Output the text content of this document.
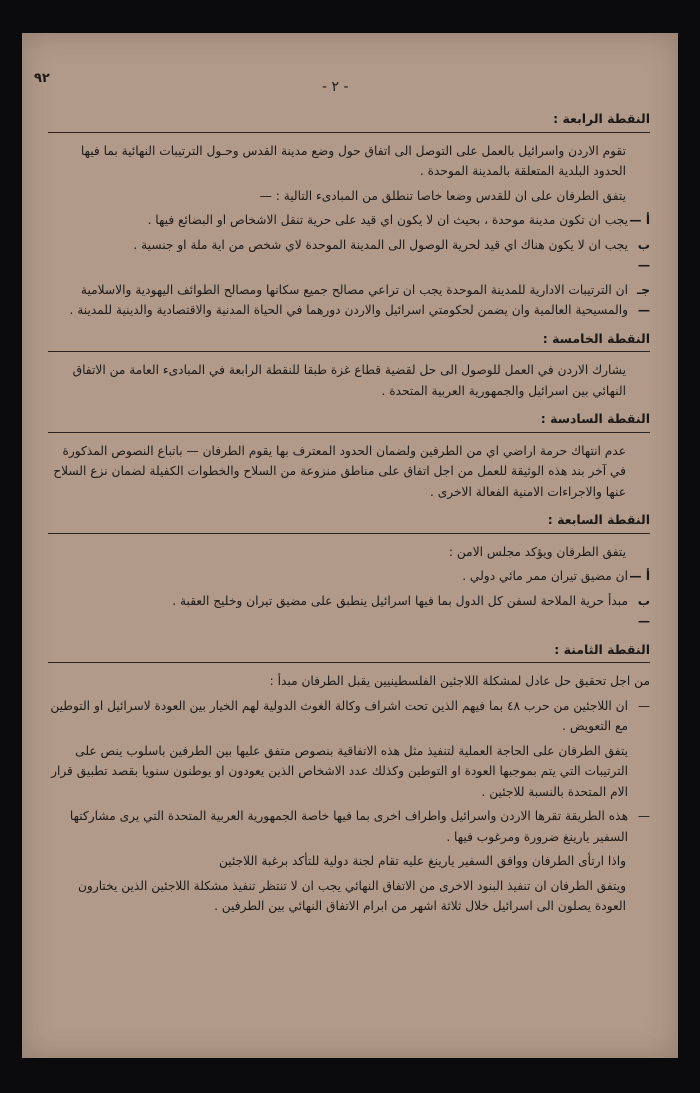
٩٢
- ٢ -
النقطة الرابعة :
تقوم الاردن واسرائيل بالعمل على التوصل الى اتفاق حول وضع مدينة القدس وحـول الترتيبات النهائية بما فيها الحدود البلدية المتعلقة بالمدينة الموحدة .
يتفق الطرفان على ان للقدس وضعا خاصا تنطلق من المبادىء التالية : —
أ —
يجب ان تكون مدينة موحدة ، بحيث ان لا يكون اي قيد على حرية تنقل الاشخاص او البضائع فيها .
ب —
يجب ان لا يكون هناك اي قيد لحرية الوصول الى المدينة الموحدة لاي شخص من اية ملة او جنسية .
جـ —
ان الترتيبات الادارية للمدينة الموحدة يجب ان تراعي مصالح جميع سكانها ومصالح الطوائف اليهودية والاسلامية والمسيحية العالمية وان يضمن لحكومتي اسرائيل والاردن دورهما في الحياة المدنية والاقتصادية والدينية للمدينة .
النقطة الخامسة :
يشارك الاردن في العمل للوصول الى حل لقضية قطاع غزة طبقا للنقطة الرابعة في المبادىء العامة من الاتفاق النهائي بين اسرائيل والجمهورية العربية المتحدة .
النقطة السادسة :
عدم انتهاك حرمة اراضي اي من الطرفين ولضمان الحدود المعترف بها يقوم الطرفان — باتباع النصوص المذكورة في آخر بند هذه الوثيقة للعمل من اجل اتفاق على مناطق منزوعة من السلاح والخطوات الكفيلة لضمان نزع السلاح عنها والاجراءات الامنية الفعالة الاخرى .
النقطة السابعة :
يتفق الطرفان ويؤكد مجلس الامن :
أ —
ان مضيق تيران ممر مائي دولي .
ب —
مبدأ حرية الملاحة لسفن كل الدول بما فيها اسرائيل ينطبق على مضيق تيران وخليج العقبة .
النقطة الثامنة :
من اجل تحقيق حل عادل لمشكلة اللاجئين الفلسطينيين يقبل الطرفان مبدأ :
—
ان اللاجئين من حرب ٤٨ بما فيهم الذين تحت اشراف وكالة الغوث الدولية لهم الخيار بين العودة لاسرائيل او التوطين مع التعويض .
يتفق الطرفان على الحاجة العملية لتنفيذ مثل هذه الاتفاقية بنصوص متفق عليها بين الطرفين باسلوب ينص على الترتيبات التي يتم بموجبها العودة او التوطين وكذلك عدد الاشخاص الذين يعودون او يوطنون سنويا بقصد تطبيق قرار الام المتحدة بالنسبة للاجئين .
—
هذه الطريقة تقرها الاردن واسرائيل واطراف اخرى بما فيها خاصة الجمهورية العربية المتحدة التي يرى مشاركتها السفير يارينغ ضرورة ومرغوب فيها .
واذا ارتأى الطرفان ووافق السفير يارينغ عليه تقام لجنة دولية للتأكد برغبة اللاجئين
ويتفق الطرفان ان تنفيذ البنود الاخرى من الاتفاق النهائي يجب ان لا تنتظر تنفيذ مشكلة اللاجئين الذين يختارون العودة يصلون الى اسرائيل خلال ثلاثة اشهر من ابرام الاتفاق النهائي بين الطرفين .
